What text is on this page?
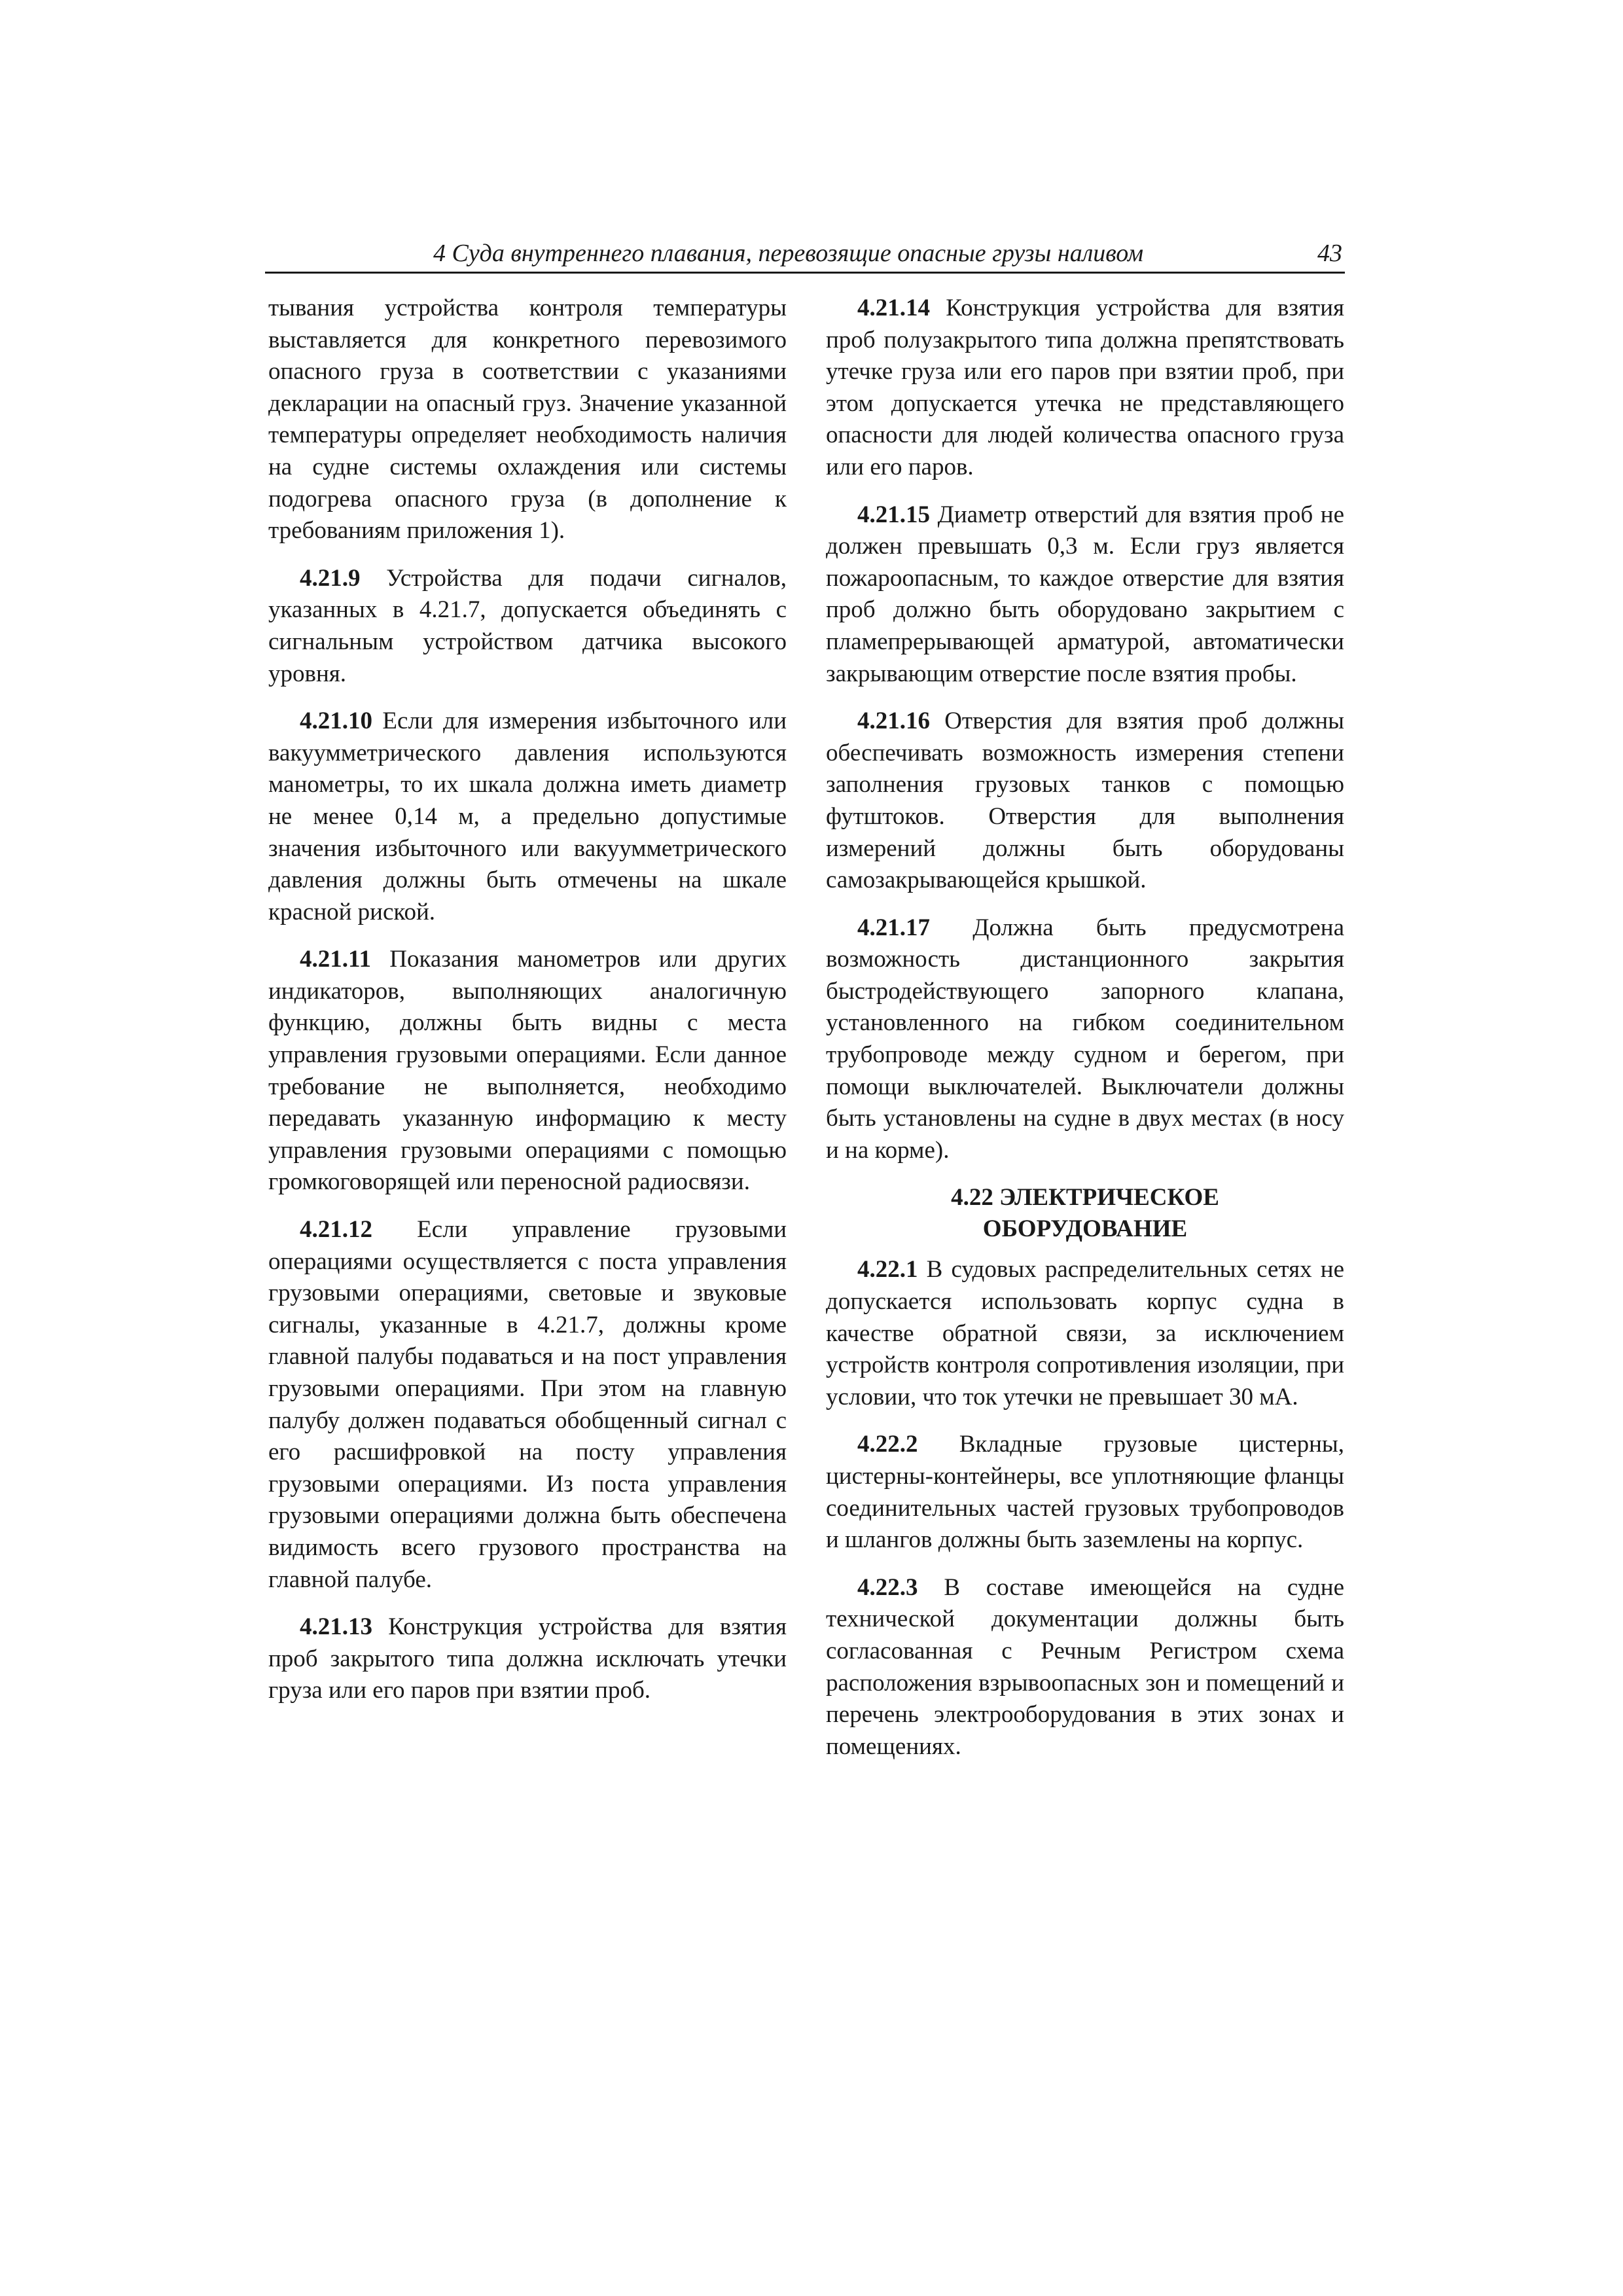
4 Суда внутреннего плавания, перевозящие опасные грузы наливом	43

тывания устройства контроля температуры выставляется для конкретного перевозимого опасного груза в соответствии с указаниями декларации на опасный груз. Значение указанной температуры определяет необходимость наличия на судне системы охлаждения или системы подогрева опасного груза (в дополнение к требованиям приложения 1).

4.21.9 Устройства для подачи сигналов, указанных в 4.21.7, допускается объединять с сигнальным устройством датчика высокого уровня.

4.21.10 Если для измерения избыточного или вакуумметрического давления используются манометры, то их шкала должна иметь диаметр не менее 0,14 м, а предельно допустимые значения избыточного или вакуумметрического давления должны быть отмечены на шкале красной риской.

4.21.11 Показания манометров или других индикаторов, выполняющих аналогичную функцию, должны быть видны с места управления грузовыми операциями. Если данное требование не выполняется, необходимо передавать указанную информацию к месту управления грузовыми операциями с помощью громкоговорящей или переносной радиосвязи.

4.21.12 Если управление грузовыми операциями осуществляется с поста управления грузовыми операциями, световые и звуковые сигналы, указанные в 4.21.7, должны кроме главной палубы подаваться и на пост управления грузовыми операциями. При этом на главную палубу должен подаваться обобщенный сигнал с его расшифровкой на посту управления грузовыми операциями. Из поста управления грузовыми операциями должна быть обеспечена видимость всего грузового пространства на главной палубе.

4.21.13 Конструкция устройства для взятия проб закрытого типа должна исключать утечки груза или его паров при взятии проб.

4.21.14 Конструкция устройства для взятия проб полузакрытого типа должна препятствовать утечке груза или его паров при взятии проб, при этом допускается утечка не представляющего опасности для людей количества опасного груза или его паров.

4.21.15 Диаметр отверстий для взятия проб не должен превышать 0,3 м. Если груз является пожароопасным, то каждое отверстие для взятия проб должно быть оборудовано закрытием с пламепрерывающей арматурой, автоматически закрывающим отверстие после взятия пробы.

4.21.16 Отверстия для взятия проб должны обеспечивать возможность измерения степени заполнения грузовых танков с помощью футштоков. Отверстия для выполнения измерений должны быть оборудованы самозакрывающейся крышкой.

4.21.17 Должна быть предусмотрена возможность дистанционного закрытия быстродействующего запорного клапана, установленного на гибком соединительном трубопроводе между судном и берегом, при помощи выключателей. Выключатели должны быть установлены на судне в двух местах (в носу и на корме).

4.22 ЭЛЕКТРИЧЕСКОЕ
ОБОРУДОВАНИЕ

4.22.1 В судовых распределительных сетях не допускается использовать корпус судна в качестве обратной связи, за исключением устройств контроля сопротивления изоляции, при условии, что ток утечки не превышает 30 мА.

4.22.2 Вкладные грузовые цистерны, цистерны-контейнеры, все уплотняющие фланцы соединительных частей грузовых трубопроводов и шлангов должны быть заземлены на корпус.

4.22.3 В составе имеющейся на судне технической документации должны быть согласованная с Речным Регистром схема расположения взрывоопасных зон и помещений и перечень электрооборудования в этих зонах и помещениях.
